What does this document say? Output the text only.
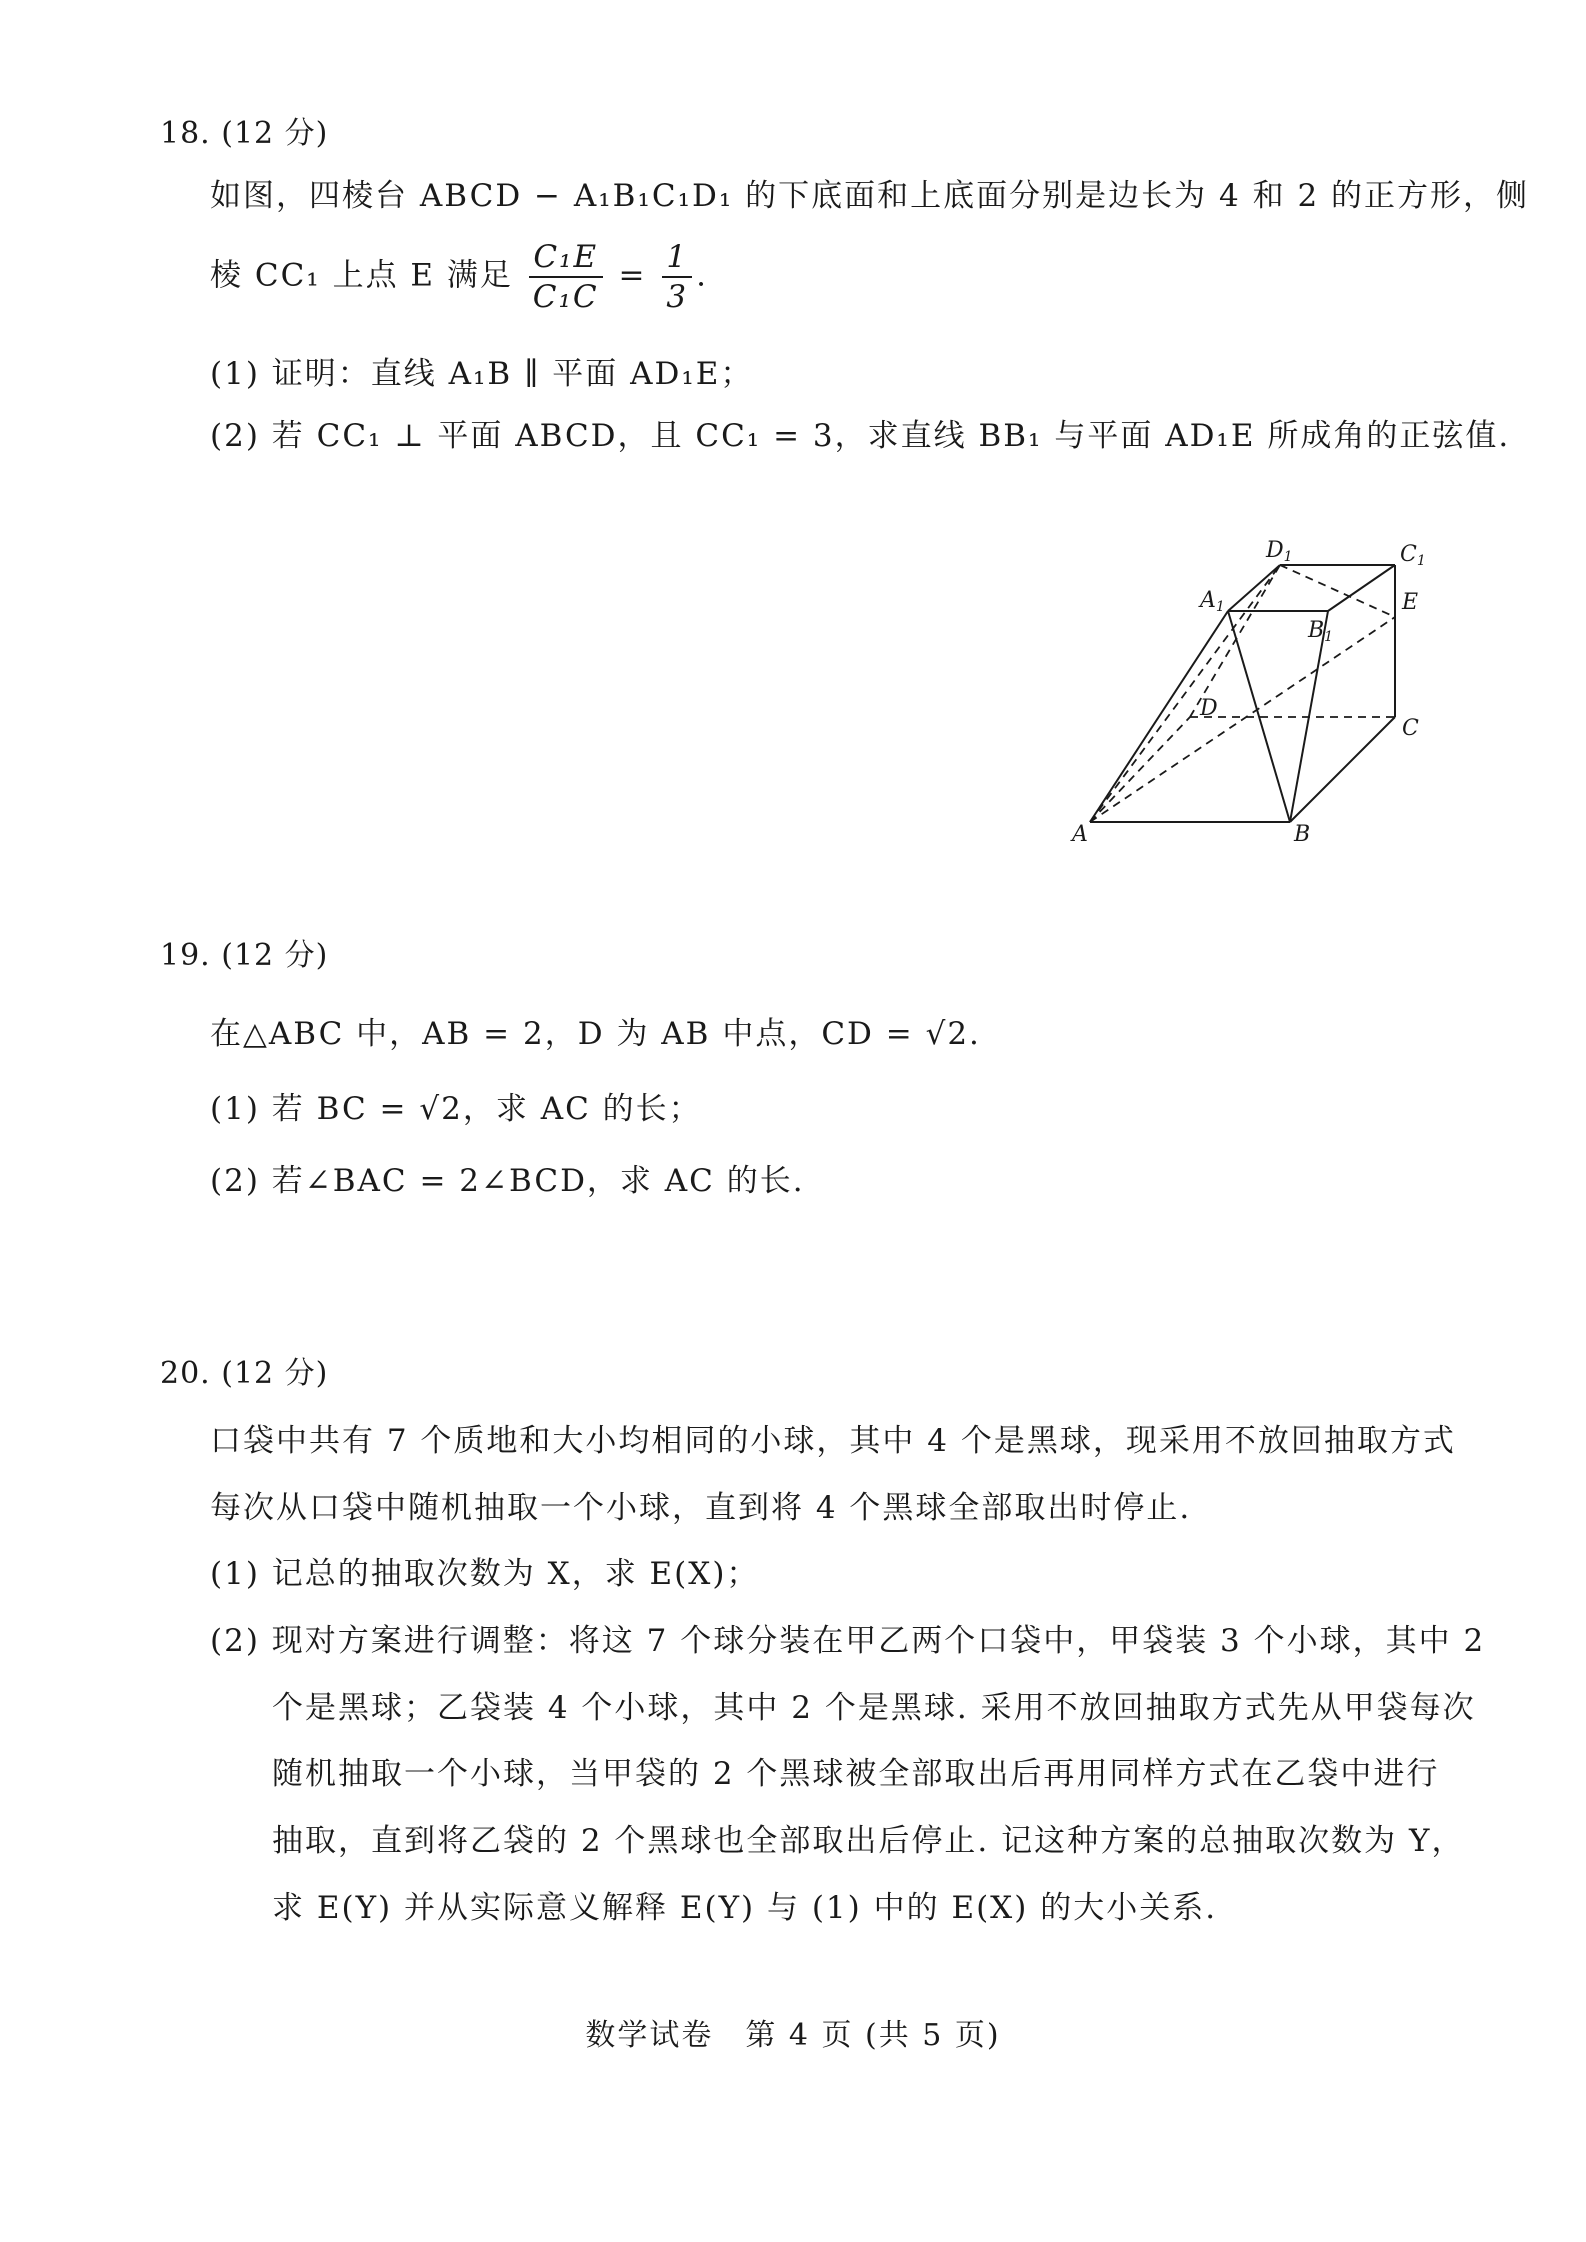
18. (12 分)
如图，四棱台 ABCD − A₁B₁C₁D₁ 的下底面和上底面分别是边长为 4 和 2 的正方形，侧
棱 CC₁ 上点 E 满足 $\frac{\text{C₁E}}{\text{C₁C}} = \frac{1}{3}$ .
(1) 证明：直线 A₁B ∥ 平面 AD₁E；
(2) 若 CC₁ ⊥ 平面 ABCD，且 CC₁ = 3，求直线 BB₁ 与平面 AD₁E 所成角的正弦值.
D1	C1
A1
B1
E
D
C
A	B
19. (12 分)
在△ABC 中，AB = 2，D 为 AB 中点，CD = √2.
(1) 若 BC = √2，求 AC 的长；
(2) 若∠BAC = 2∠BCD，求 AC 的长.
20. (12 分)
口袋中共有 7 个质地和大小均相同的小球，其中 4 个是黑球，现采用不放回抽取方式
每次从口袋中随机抽取一个小球，直到将 4 个黑球全部取出时停止.
(1) 记总的抽取次数为 X，求 E(X)；
(2) 现对方案进行调整：将这 7 个球分装在甲乙两个口袋中，甲袋装 3 个小球，其中 2
个是黑球；乙袋装 4 个小球，其中 2 个是黑球. 采用不放回抽取方式先从甲袋每次
随机抽取一个小球，当甲袋的 2 个黑球被全部取出后再用同样方式在乙袋中进行
抽取，直到将乙袋的 2 个黑球也全部取出后停止. 记这种方案的总抽取次数为 Y，
求 E(Y) 并从实际意义解释 E(Y) 与 (1) 中的 E(X) 的大小关系.
数学试卷　第 4 页 (共 5 页)
